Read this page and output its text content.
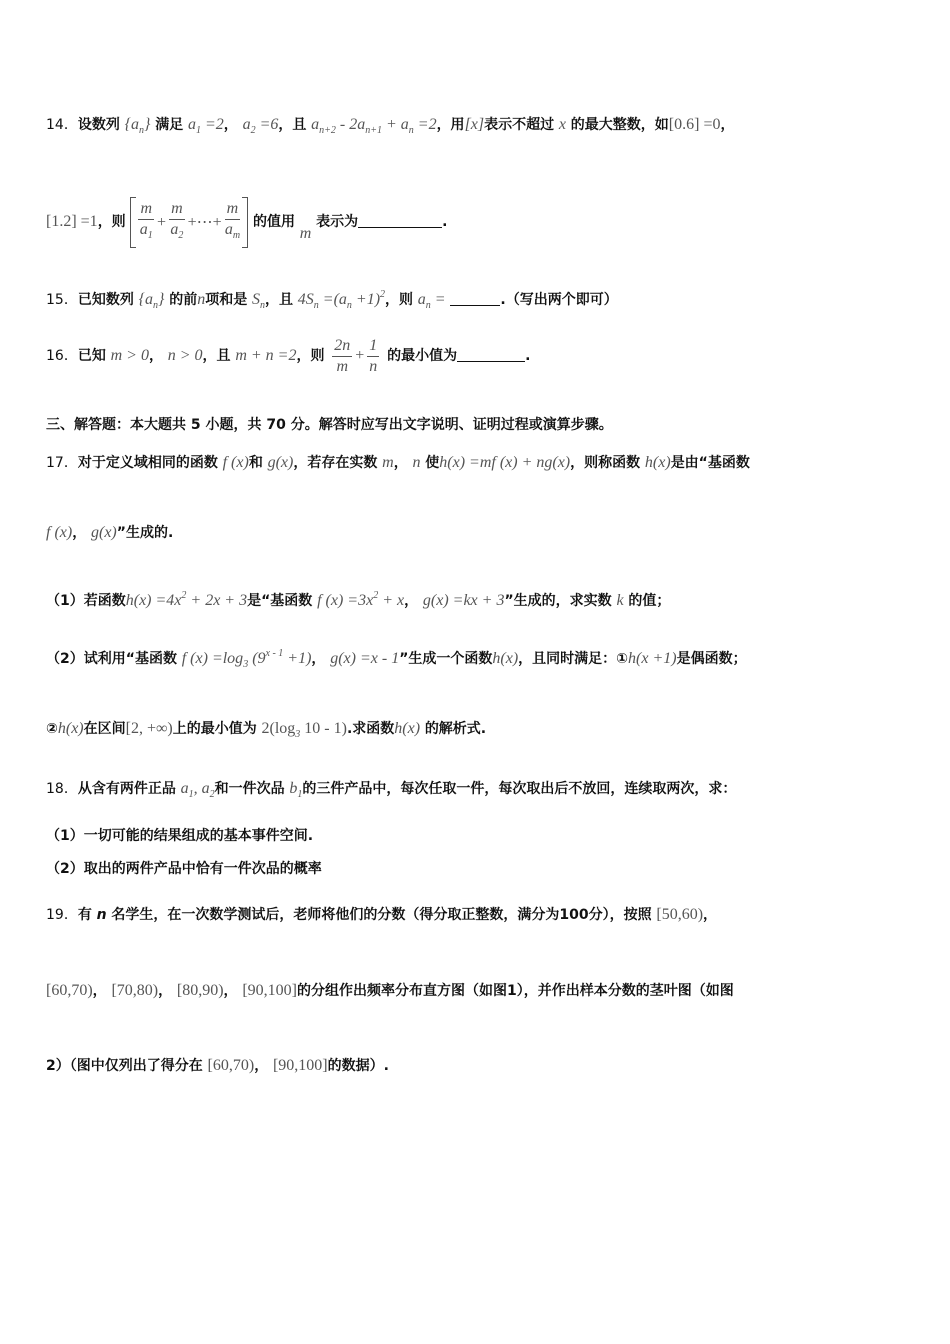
14．设数列 $\{a_n\}$ 满足 $a_1 =2$， $a_2 =6$，且 $a_{n+2} - 2a_{n+1} + a_n =2$，用[x]表示不超过 x 的最大整数，如[0.6] =0，
[1.2] =1，则 $\frac{m}{a_1} + \frac{m}{a_2}$ +⋯+ $\frac{m}{a_m}$ 的值用 m 表示为	.
15．已知数列 $\{a_n\}$ 的前n项和是 $S_n$，且 $4S_n =(a_n +1)^2$，则 $a_n$ =	.（写出两个即可）
16．已知 m > 0， n > 0，且 m + n =2，则 $\frac{2n}{m} + \frac{1}{n}$ 的最小值为	.
三、解答题：本大题共 5 小题，共 70 分。解答时应写出文字说明、证明过程或演算步骤。
17．对于定义域相同的函数 f (x)和 g(x)，若存在实数 m， n 使h(x) =mf (x) + ng(x)，则称函数 h(x)是由“基函数
f (x)， g(x)”生成的.
（1）若函数$h(x) =4x^2 + 2x + 3$是“基函数 f $(x) =3x^2 + x$， g(x) =kx + 3”生成的，求实数 k 的值；
（2）试利用“基函数 f $(x) =\log_3$ $(9^{x - 1} +1)$， g(x) =x - 1”生成一个函数h(x)，且同时满足：①h(x +1)是偶函数；
②h(x)在区间[2, +∞)上的最小值为 $2(\log_3$ 10 - 1).求函数h(x) 的解析式.
18．从含有两件正品 $a_1$, $a_2$和一件次品 $b_1$的三件产品中，每次任取一件，每次取出后不放回，连续取两次，求：
（1）一切可能的结果组成的基本事件空间.
（2）取出的两件产品中恰有一件次品的概率
19．有 n 名学生，在一次数学测试后，老师将他们的分数（得分取正整数，满分为100分），按照 [50,60)，
[60,70)， [70,80)， [80,90)， [90,100]的分组作出频率分布直方图（如图1），并作出样本分数的茎叶图（如图
2）（图中仅列出了得分在 [60,70)， [90,100]的数据）.
